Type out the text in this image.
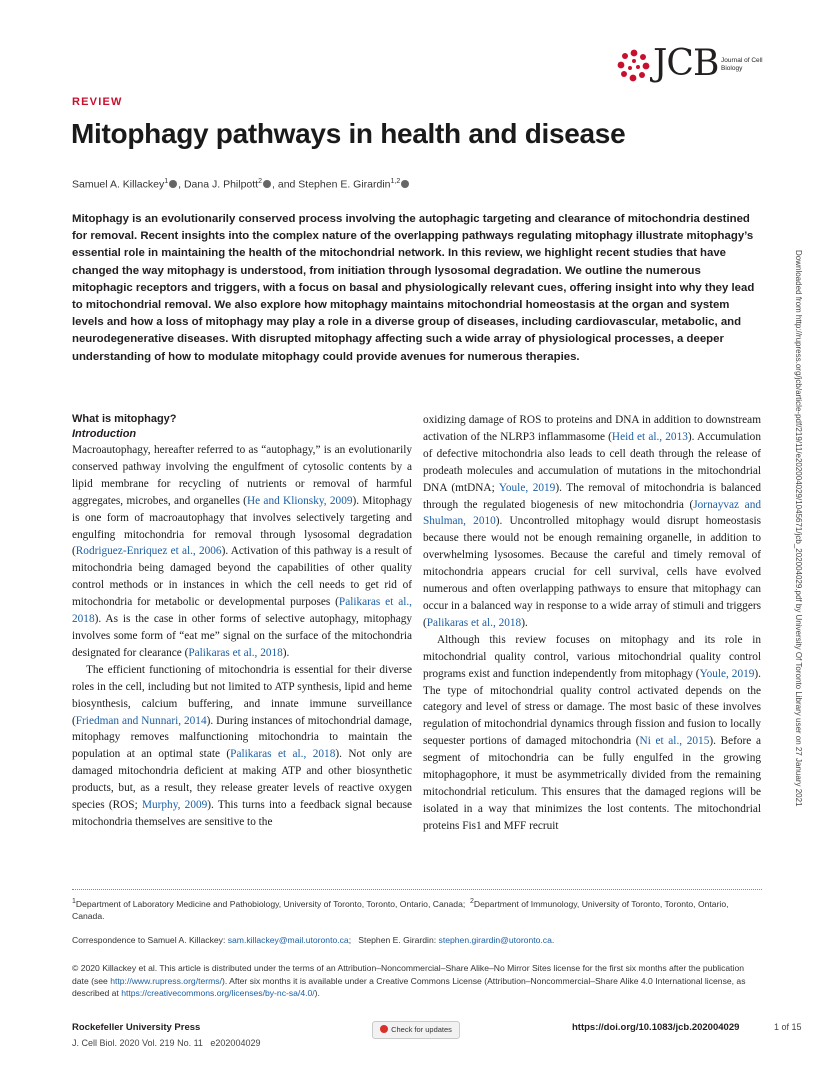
JCB Journal of Cell Biology
REVIEW
Mitophagy pathways in health and disease
Samuel A. Killackey$^1$ , Dana J. Philpott$^2$ , and Stephen E. Girardin$^{1,2}$
Mitophagy is an evolutionarily conserved process involving the autophagic targeting and clearance of mitochondria destined for removal. Recent insights into the complex nature of the overlapping pathways regulating mitophagy illustrate mitophagy’s essential role in maintaining the health of the mitochondrial network. In this review, we highlight recent studies that have changed the way mitophagy is understood, from initiation through lysosomal degradation. We outline the numerous mitophagic receptors and triggers, with a focus on basal and physiologically relevant cues, offering insight into why they lead to mitochondrial removal. We also explore how mitophagy maintains mitochondrial homeostasis at the organ and system levels and how a loss of mitophagy may play a role in a diverse group of diseases, including cardiovascular, metabolic, and neurodegenerative diseases. With disrupted mitophagy affecting such a wide array of physiological processes, a deeper understanding of how to modulate mitophagy could provide avenues for numerous therapies.	Downloaded from http://rupress.org/jcb/article-pdf/219/11/e202004029/1045671/jcb_202004029.pdf by University Of Toronto Library user on 27 January 2021
What is mitophagy?
Introduction

Macroautophagy, hereafter referred to as “autophagy,” is an evolutionarily conserved pathway involving the engulfment of cytosolic contents by a lipid membrane for recycling of nutrients or removal of harmful aggregates, microbes, and organelles (He and Klionsky, 2009). Mitophagy is one form of macroautophagy that involves selectively targeting and engulfing mitochondria for removal through lysosomal degradation (Rodriguez-Enriquez et al., 2006). Activation of this pathway is a result of mitochondria being damaged beyond the capabilities of other quality control methods or in instances in which the cell needs to get rid of mitochondria for metabolic or developmental purposes (Palikaras et al., 2018). As is the case in other forms of selective autophagy, mitophagy involves some form of “eat me” signal on the surface of the mitochondria designated for clearance (Palikaras et al., 2018).

The efficient functioning of mitochondria is essential for their diverse roles in the cell, including but not limited to ATP synthesis, lipid and heme biosynthesis, calcium buffering, and innate immune surveillance (Friedman and Nunnari, 2014). During instances of mitochondrial damage, mitophagy removes malfunctioning mitochondria to maintain the population at an optimal state (Palikaras et al., 2018). Not only are damaged mitochondria deficient at making ATP and other biosynthetic products, but, as a result, they release greater levels of reactive oxygen species (ROS; Murphy, 2009). This turns into a feedback signal because mitochondria themselves are sensitive to the

oxidizing damage of ROS to proteins and DNA in addition to downstream activation of the NLRP3 inflammasome (Heid et al., 2013). Accumulation of defective mitochondria also leads to cell death through the release of prodeath molecules and accumulation of mutations in the mitochondrial DNA (mtDNA; Youle, 2019). The removal of mitochondria is balanced through the regulated biogenesis of new mitochondria (Jornayvaz and Shulman, 2010). Uncontrolled mitophagy would disrupt homeostasis because there would not be enough remaining organelle, in addition to overwhelming lysosomes. Because the careful and timely removal of mitochondria appears crucial for cell survival, cells have evolved numerous and often overlapping pathways to ensure that mitophagy can occur in a balanced way in response to a wide array of stimuli and triggers (Palikaras et al., 2018).

Although this review focuses on mitophagy and its role in mitochondrial quality control, various mitochondrial quality control programs exist and function independently from mitophagy (Youle, 2019). The type of mitochondrial quality control activated depends on the category and level of stress or damage. The most basic of these involves regulation of mitochondrial dynamics through fission and fusion to locally sequester portions of damaged mitochondria (Ni et al., 2015). Before a segment of mitochondria can be fully engulfed in the growing mitophagophore, it must be asymmetrically divided from the remaining mitochondrial reticulum. This ensures that the damaged regions will be isolated in a way that minimizes the lost contents. The mitochondrial proteins Fis1 and MFF recruit

$^1$Department of Laboratory Medicine and Pathobiology, University of Toronto, Toronto, Ontario, Canada; $^2$Department of Immunology, University of Toronto, Toronto, Ontario, Canada.
Correspondence to Samuel A. Killackey: sam.killackey@mail.utoronto.ca;   Stephen E. Girardin: stephen.girardin@utoronto.ca.
© 2020 Killackey et al. This article is distributed under the terms of an Attribution–Noncommercial–Share Alike–No Mirror Sites license for the first six months after the publication date (see http://www.rupress.org/terms/). After six months it is available under a Creative Commons License (Attribution–Noncommercial–Share Alike 4.0 International license, as described at https://creativecommons.org/licenses/by-nc-sa/4.0/).
Rockefeller University Press
J. Cell Biol. 2020 Vol. 219 No. 11   e202004029
Check for updates	https://doi.org/10.1083/jcb.202004029	1 of 15
